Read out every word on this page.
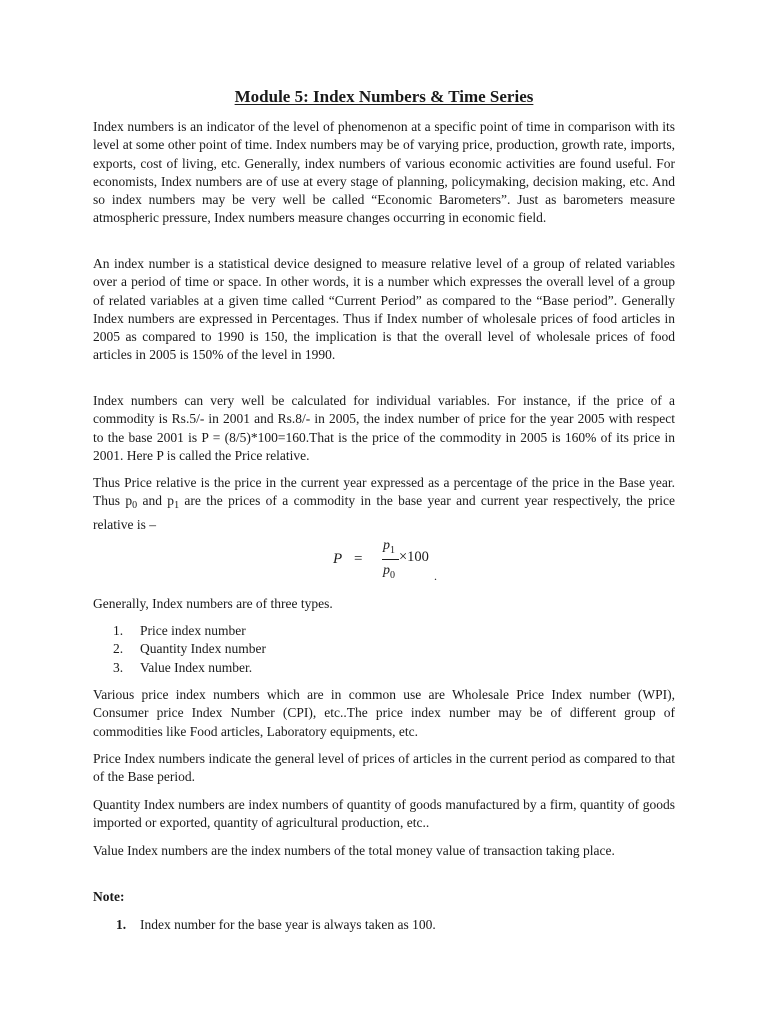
Module 5: Index Numbers & Time Series

Index numbers is an indicator of the level of phenomenon at a specific point of time in comparison with its level at some other point of time. Index numbers may be of varying price, production, growth rate, imports, exports, cost of living, etc. Generally, index numbers of various economic activities are found useful. For economists, Index numbers are of use at every stage of planning, policymaking, decision making, etc. And so index numbers may be very well be called “Economic Barometers”. Just as barometers measure atmospheric pressure, Index numbers measure changes occurring in economic field.

An index number is a statistical device designed to measure relative level of a group of related variables over a period of time or space. In other words, it is a number which expresses the overall level of a group of related variables at a given time called “Current Period” as compared to the “Base period”. Generally Index numbers are expressed in Percentages. Thus if Index number of wholesale prices of food articles in 2005 as compared to 1990 is 150, the implication is that the overall level of wholesale prices of food articles in 2005 is 150% of the level in 1990.

Index numbers can very well be calculated for individual variables. For instance, if the price of a commodity is Rs.5/- in 2001 and Rs.8/- in 2005, the index number of price for the year 2005 with respect to the base 2001 is P = (8/5)*100=160.That is the price of the commodity in 2005 is 160% of its price in 2001. Here P is called the Price relative.

Thus Price relative is the price in the current year expressed as a percentage of the price in the Base year. Thus $p_0$ and $p_1$ are the prices of a commodity in the base year and current year respectively, the price relative is –

P =
$p_1$
$p_0$
×100
.

Generally, Index numbers are of three types.

1. Price index number
2. Quantity Index number
3. Value Index number.

Various price index numbers which are in common use are Wholesale Price Index number (WPI), Consumer price Index Number (CPI), etc..The price index number may be of different group of commodities like Food articles, Laboratory equipments, etc.

Price Index numbers indicate the general level of prices of articles in the current period as compared to that of the Base period.

Quantity Index numbers are index numbers of quantity of goods manufactured by a firm, quantity of goods imported or exported, quantity of agricultural production, etc..

Value Index numbers are the index numbers of the total money value of transaction taking place.

Note:
1. Index number for the base year is always taken as 100.
